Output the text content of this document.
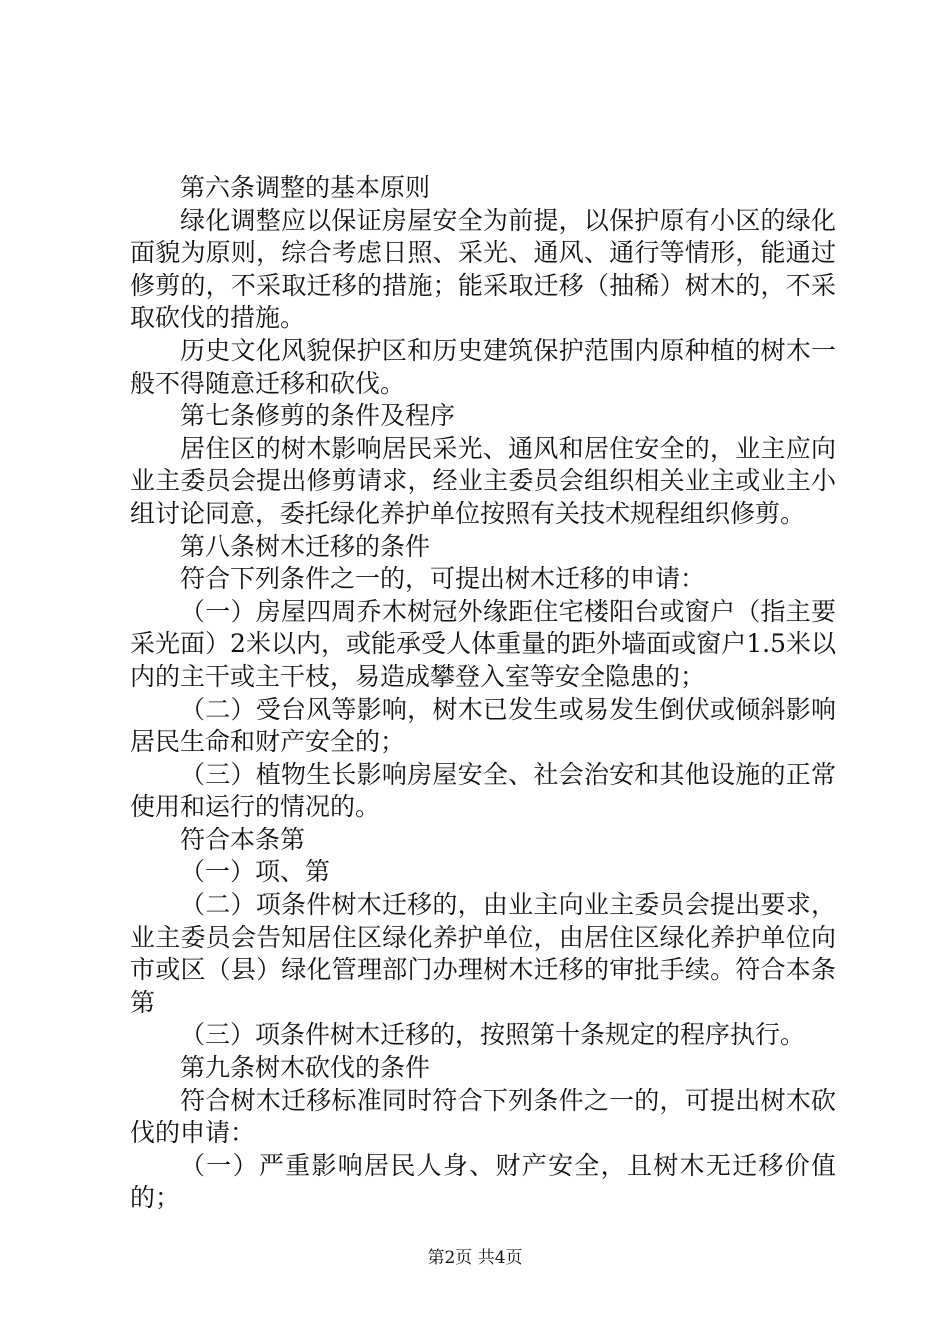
第六条调整的基本原则

绿化调整应以保证房屋安全为前提，以保护原有小区的绿化面貌为原则，综合考虑日照、采光、通风、通行等情形，能通过修剪的，不采取迁移的措施；能采取迁移（抽稀）树木的，不采取砍伐的措施。

历史文化风貌保护区和历史建筑保护范围内原种植的树木一般不得随意迁移和砍伐。

第七条修剪的条件及程序

居住区的树木影响居民采光、通风和居住安全的，业主应向业主委员会提出修剪请求，经业主委员会组织相关业主或业主小组讨论同意，委托绿化养护单位按照有关技术规程组织修剪。

第八条树木迁移的条件

符合下列条件之一的，可提出树木迁移的申请：

（一）房屋四周乔木树冠外缘距住宅楼阳台或窗户（指主要采光面）2米以内，或能承受人体重量的距外墙面或窗户1.5米以内的主干或主干枝，易造成攀登入室等安全隐患的；

（二）受台风等影响，树木已发生或易发生倒伏或倾斜影响居民生命和财产安全的；

（三）植物生长影响房屋安全、社会治安和其他设施的正常使用和运行的情况的。

符合本条第

（一）项、第

（二）项条件树木迁移的，由业主向业主委员会提出要求，业主委员会告知居住区绿化养护单位，由居住区绿化养护单位向市或区（县）绿化管理部门办理树木迁移的审批手续。符合本条第

（三）项条件树木迁移的，按照第十条规定的程序执行。

第九条树木砍伐的条件

符合树木迁移标准同时符合下列条件之一的，可提出树木砍伐的申请：

（一）严重影响居民人身、财产安全，且树木无迁移价值的；

第2页 共4页
